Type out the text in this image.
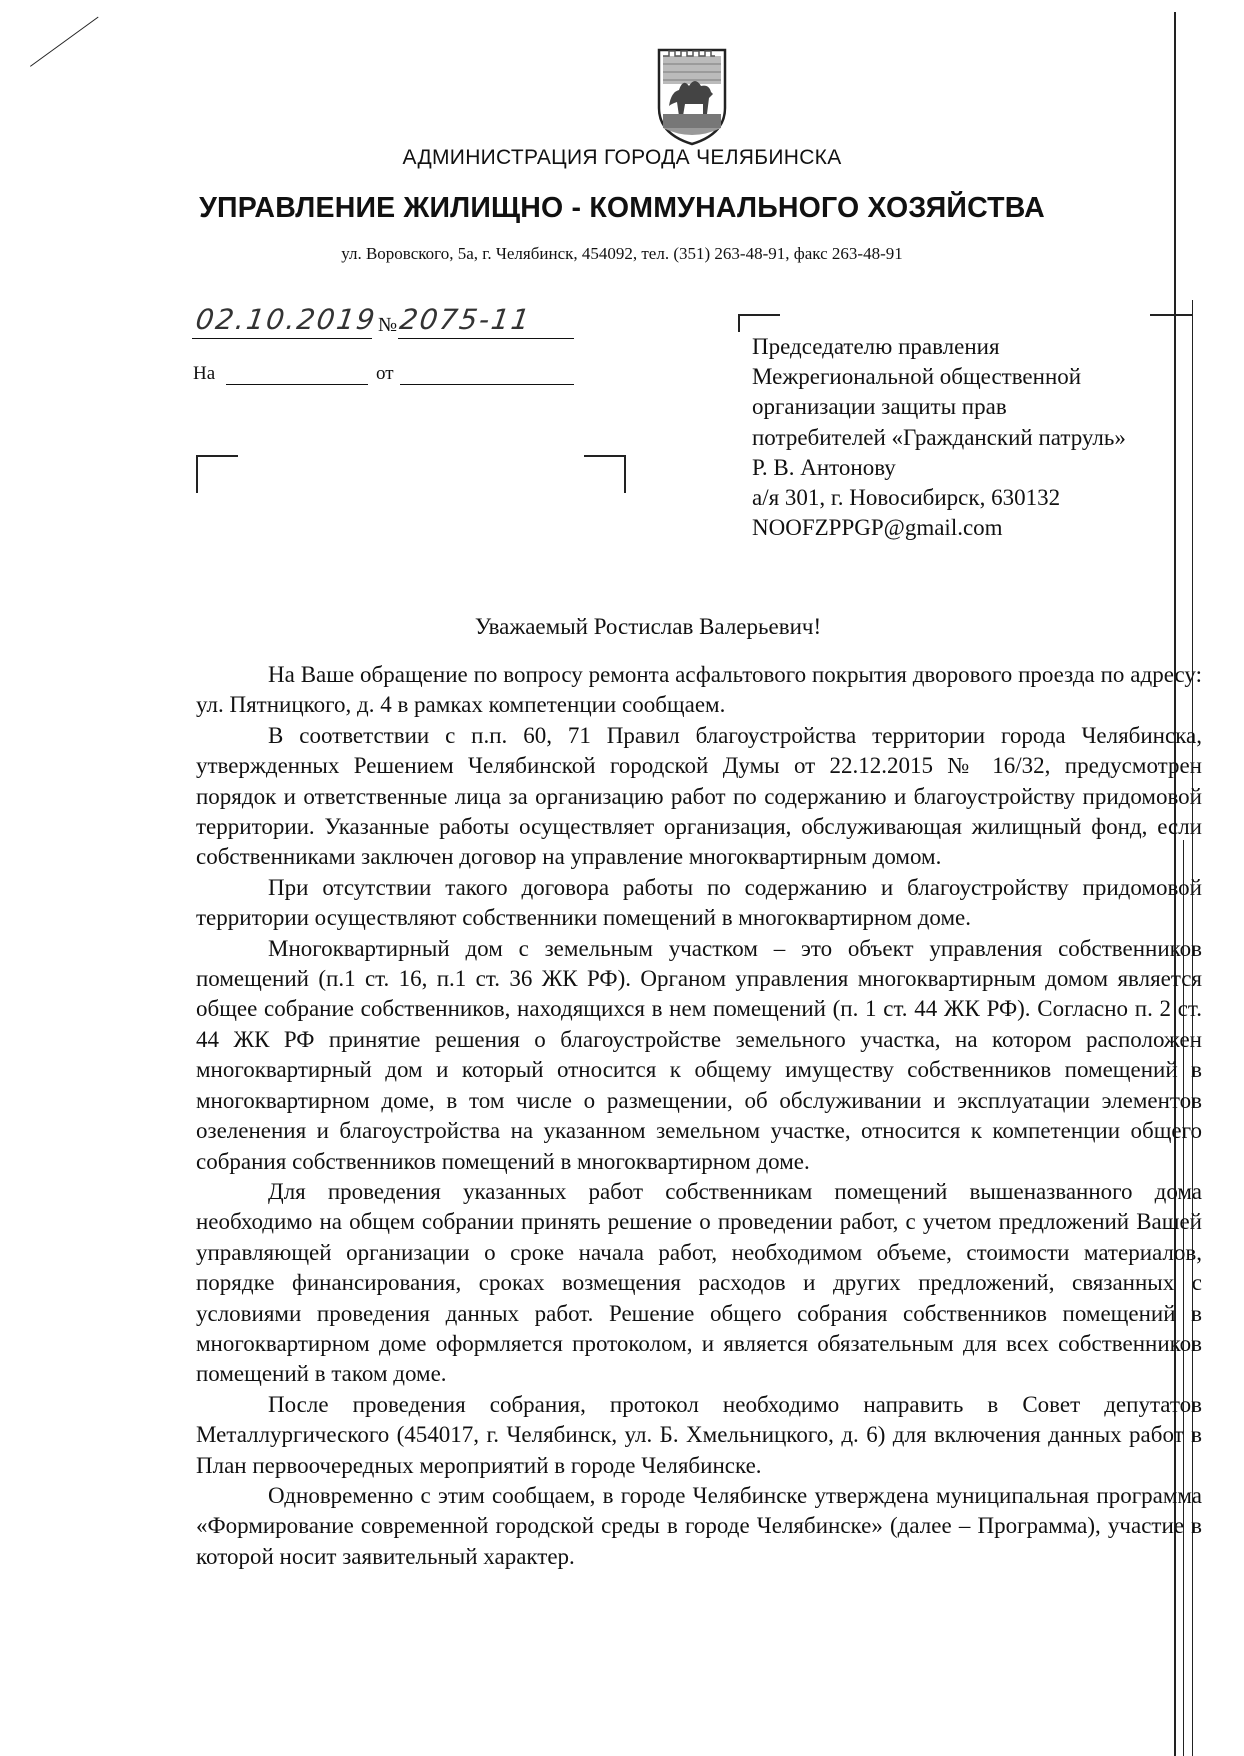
АДМИНИСТРАЦИЯ ГОРОДА ЧЕЛЯБИНСКА
УПРАВЛЕНИЕ ЖИЛИЩНО - КОММУНАЛЬНОГО ХОЗЯЙСТВА
ул. Воровского, 5а, г. Челябинск, 454092, тел. (351) 263-48-91, факс 263-48-91
02.10.2019 № 2075-11
На	от
Председателю правления
Межрегиональной общественной
организации защиты прав
потребителей «Гражданский патруль»
Р. В. Антонову
а/я 301, г. Новосибирск, 630132
NOOFZPPGP@gmail.com
Уважаемый Ростислав Валерьевич!

На Ваше обращение по вопросу ремонта асфальтового покрытия дворового проезда по адресу: ул. Пятницкого, д. 4 в рамках компетенции сообщаем.

В соответствии с п.п. 60, 71 Правил благоустройства территории города Челябинска, утвержденных Решением Челябинской городской Думы от 22.12.2015 № 16/32, предусмотрен порядок и ответственные лица за организацию работ по содержанию и благоустройству придомовой территории. Указанные работы осуществляет организация, обслуживающая жилищный фонд, если собственниками заключен договор на управление многоквартирным домом.

При отсутствии такого договора работы по содержанию и благоустройству придомовой территории осуществляют собственники помещений в многоквартирном доме.

Многоквартирный дом с земельным участком – это объект управления собственников помещений (п.1 ст. 16, п.1 ст. 36 ЖК РФ). Органом управления многоквартирным домом является общее собрание собственников, находящихся в нем помещений (п. 1 ст. 44 ЖК РФ). Согласно п. 2 ст. 44 ЖК РФ принятие решения о благоустройстве земельного участка, на котором расположен многоквартирный дом и который относится к общему имуществу собственников помещений в многоквартирном доме, в том числе о размещении, об обслуживании и эксплуатации элементов озеленения и благоустройства на указанном земельном участке, относится к компетенции общего собрания собственников помещений в многоквартирном доме.

Для проведения указанных работ собственникам помещений вышеназванного дома необходимо на общем собрании принять решение о проведении работ, с учетом предложений Вашей управляющей организации о сроке начала работ, необходимом объеме, стоимости материалов, порядке финансирования, сроках возмещения расходов и других предложений, связанных с условиями проведения данных работ. Решение общего собрания собственников помещений в многоквартирном доме оформляется протоколом, и является обязательным для всех собственников помещений в таком доме.

После проведения собрания, протокол необходимо направить в Совет депутатов Металлургического (454017, г. Челябинск, ул. Б. Хмельницкого, д. 6) для включения данных работ в План первоочередных мероприятий в городе Челябинске.

Одновременно с этим сообщаем, в городе Челябинске утверждена муниципальная программа «Формирование современной городской среды в городе Челябинске» (далее – Программа), участие в которой носит заявительный характер.
